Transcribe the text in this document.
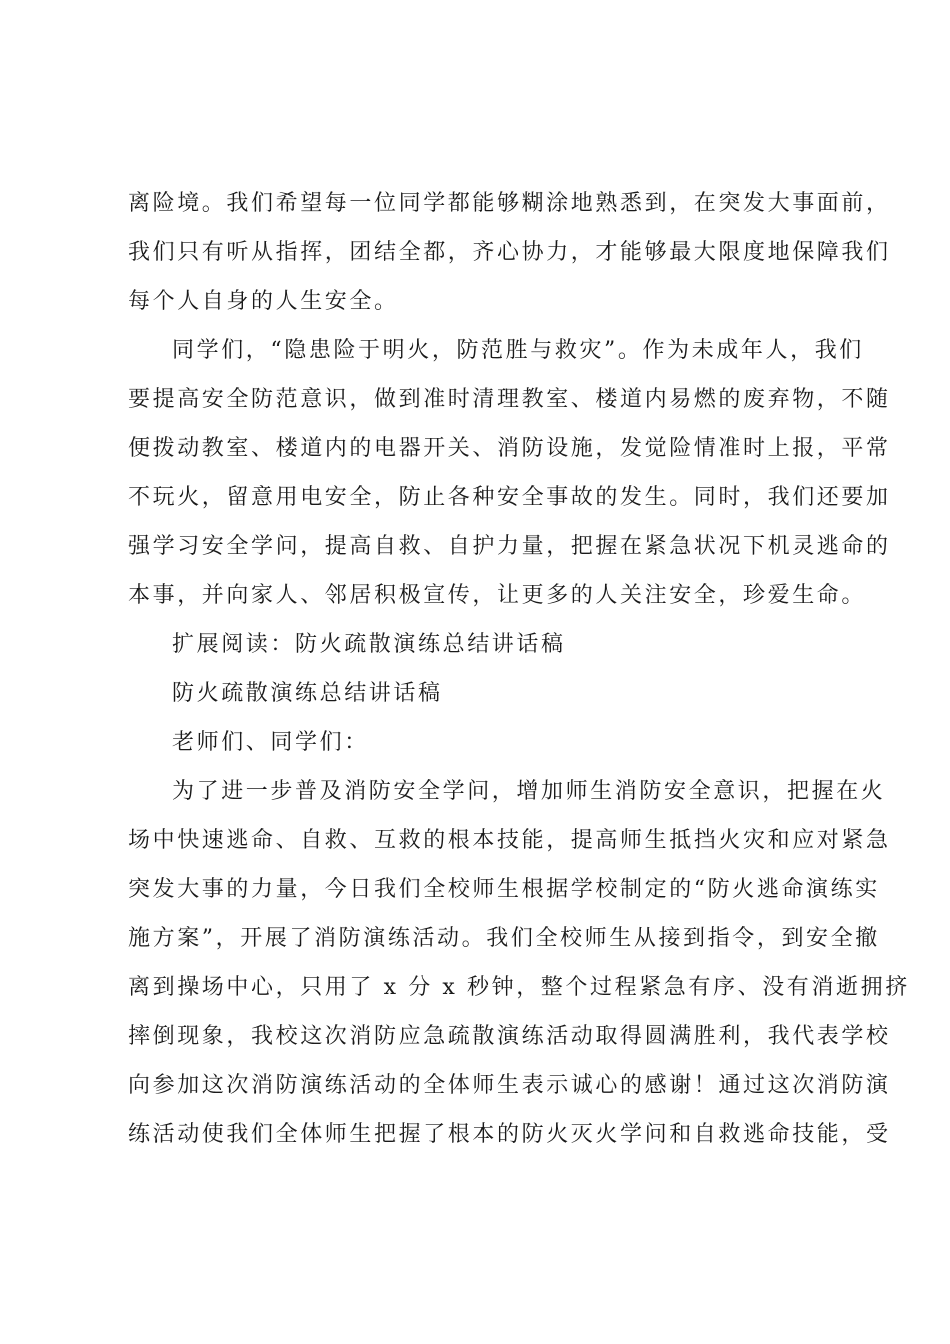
离险境。我们希望每一位同学都能够糊涂地熟悉到，在突发大事面前，
我们只有听从指挥，团结全都，齐心协力，才能够最大限度地保障我们
每个人自身的人生安全。
同学们，“隐患险于明火，防范胜与救灾”。作为未成年人，我们
要提高安全防范意识，做到准时清理教室、楼道内易燃的废弃物，不随
便拨动教室、楼道内的电器开关、消防设施，发觉险情准时上报，平常
不玩火，留意用电安全，防止各种安全事故的发生。同时，我们还要加
强学习安全学问，提高自救、自护力量，把握在紧急状况下机灵逃命的
本事，并向家人、邻居积极宣传，让更多的人关注安全，珍爱生命。
扩展阅读：防火疏散演练总结讲话稿
防火疏散演练总结讲话稿
老师们、同学们：
为了进一步普及消防安全学问，增加师生消防安全意识，把握在火
场中快速逃命、自救、互救的根本技能，提高师生抵挡火灾和应对紧急
突发大事的力量，今日我们全校师生根据学校制定的“防火逃命演练实
施方案”，开展了消防演练活动。我们全校师生从接到指令，到安全撤
离到操场中心，只用了 x 分 x 秒钟，整个过程紧急有序、没有消逝拥挤
摔倒现象，我校这次消防应急疏散演练活动取得圆满胜利，我代表学校
向参加这次消防演练活动的全体师生表示诚心的感谢！通过这次消防演
练活动使我们全体师生把握了根本的防火灭火学问和自救逃命技能，受
